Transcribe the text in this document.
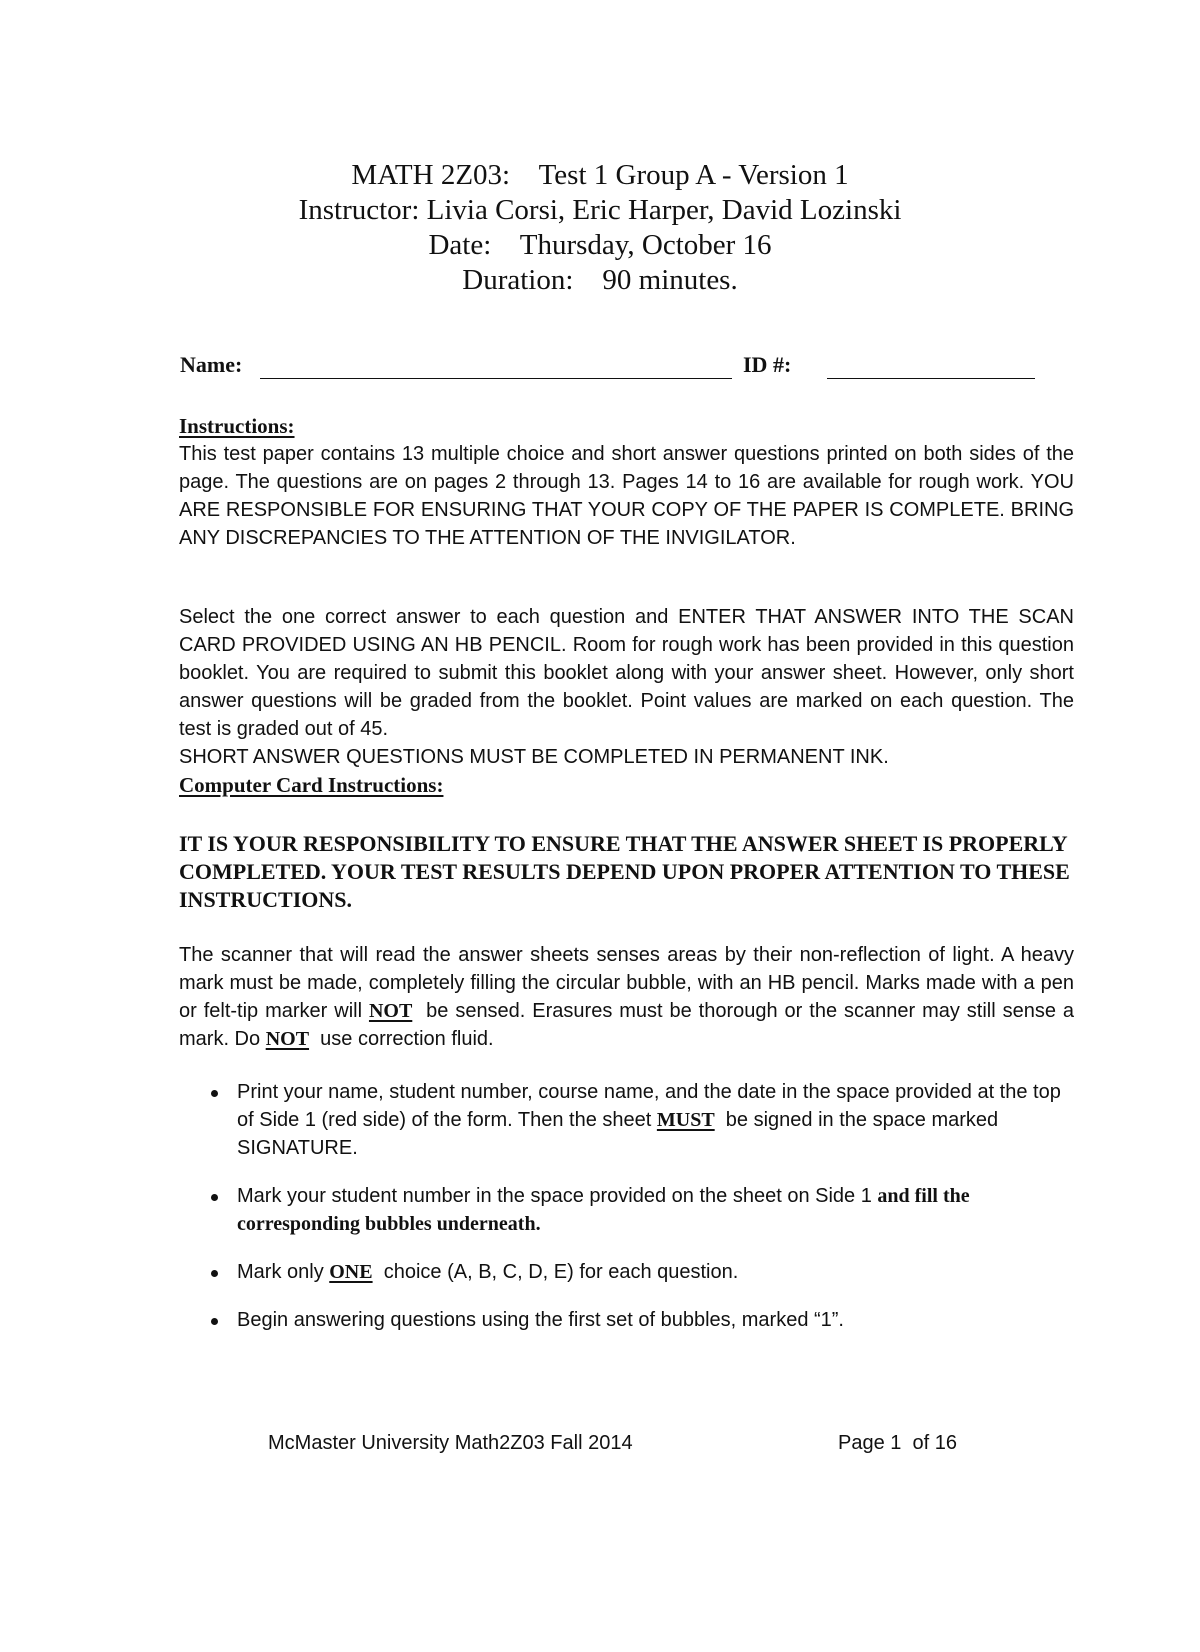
MATH 2Z03:    Test 1 Group A - Version 1
Instructor: Livia Corsi, Eric Harper, David Lozinski
Date:    Thursday, October 16
Duration:    90 minutes.
Name:	ID #:
Instructions:
This test paper contains 13 multiple choice and short answer questions printed on both sides of the page. The questions are on pages 2 through 13. Pages 14 to 16 are available for rough work. YOU ARE RESPONSIBLE FOR ENSURING THAT YOUR COPY OF THE PAPER IS COMPLETE. BRING ANY DISCREPANCIES TO THE ATTENTION OF THE INVIGILATOR.
Select the one correct answer to each question and ENTER THAT ANSWER INTO THE SCAN CARD PROVIDED USING AN HB PENCIL. Room for rough work has been provided in this question booklet. You are required to submit this booklet along with your answer sheet. However, only short answer questions will be graded from the booklet. Point values are marked on each question. The test is graded out of 45.
SHORT ANSWER QUESTIONS MUST BE COMPLETED IN PERMANENT INK.
Computer Card Instructions:
IT IS YOUR RESPONSIBILITY TO ENSURE THAT THE ANSWER SHEET IS PROPERLY COMPLETED. YOUR TEST RESULTS DEPEND UPON PROPER ATTENTION TO THESE INSTRUCTIONS.
The scanner that will read the answer sheets senses areas by their non-reflection of light. A heavy mark must be made, completely filling the circular bubble, with an HB pencil. Marks made with a pen or felt-tip marker will NOT  be sensed. Erasures must be thorough or the scanner may still sense a mark. Do NOT  use correction fluid.
Print your name, student number, course name, and the date in the space provided at the top of Side 1 (red side) of the form. Then the sheet MUST  be signed in the space marked SIGNATURE.
Mark your student number in the space provided on the sheet on Side 1 and fill the corresponding bubbles underneath.
Mark only ONE  choice (A, B, C, D, E) for each question.
Begin answering questions using the first set of bubbles, marked “1”.
McMaster University Math2Z03 Fall 2014	Page 1  of 16
